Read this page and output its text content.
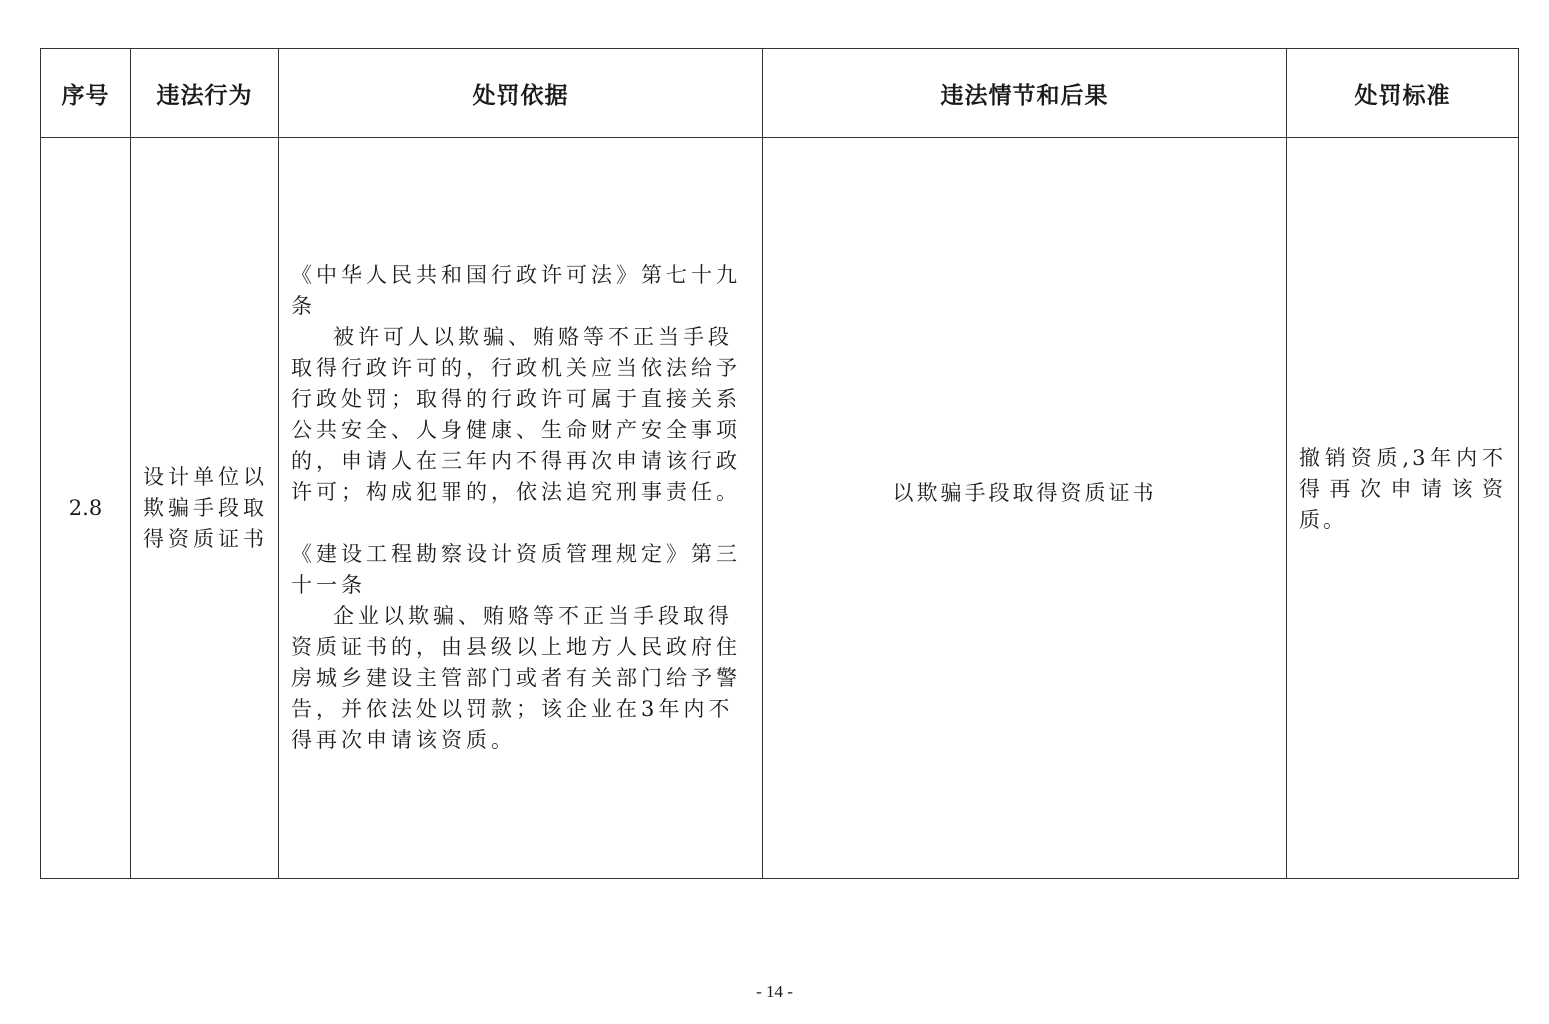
序号	违法行为	处罚依据	违法情节和后果	处罚标准
2.8	设计单位以欺骗手段取得资质证书	《中华人民共和国行政许可法》第七十九条
被许可人以欺骗、贿赂等不正当手段取得行政许可的，行政机关应当依法给予行政处罚；取得的行政许可属于直接关系公共安全、人身健康、生命财产安全事项的，申请人在三年内不得再次申请该行政许可；构成犯罪的，依法追究刑事责任。
《建设工程勘察设计资质管理规定》第三十一条
企业以欺骗、贿赂等不正当手段取得资质证书的，由县级以上地方人民政府住房城乡建设主管部门或者有关部门给予警告，并依法处以罚款；该企业在3年内不得再次申请该资质。	以欺骗手段取得资质证书	撤销资质,3年内不得再次申请该资质。
- 14 -
